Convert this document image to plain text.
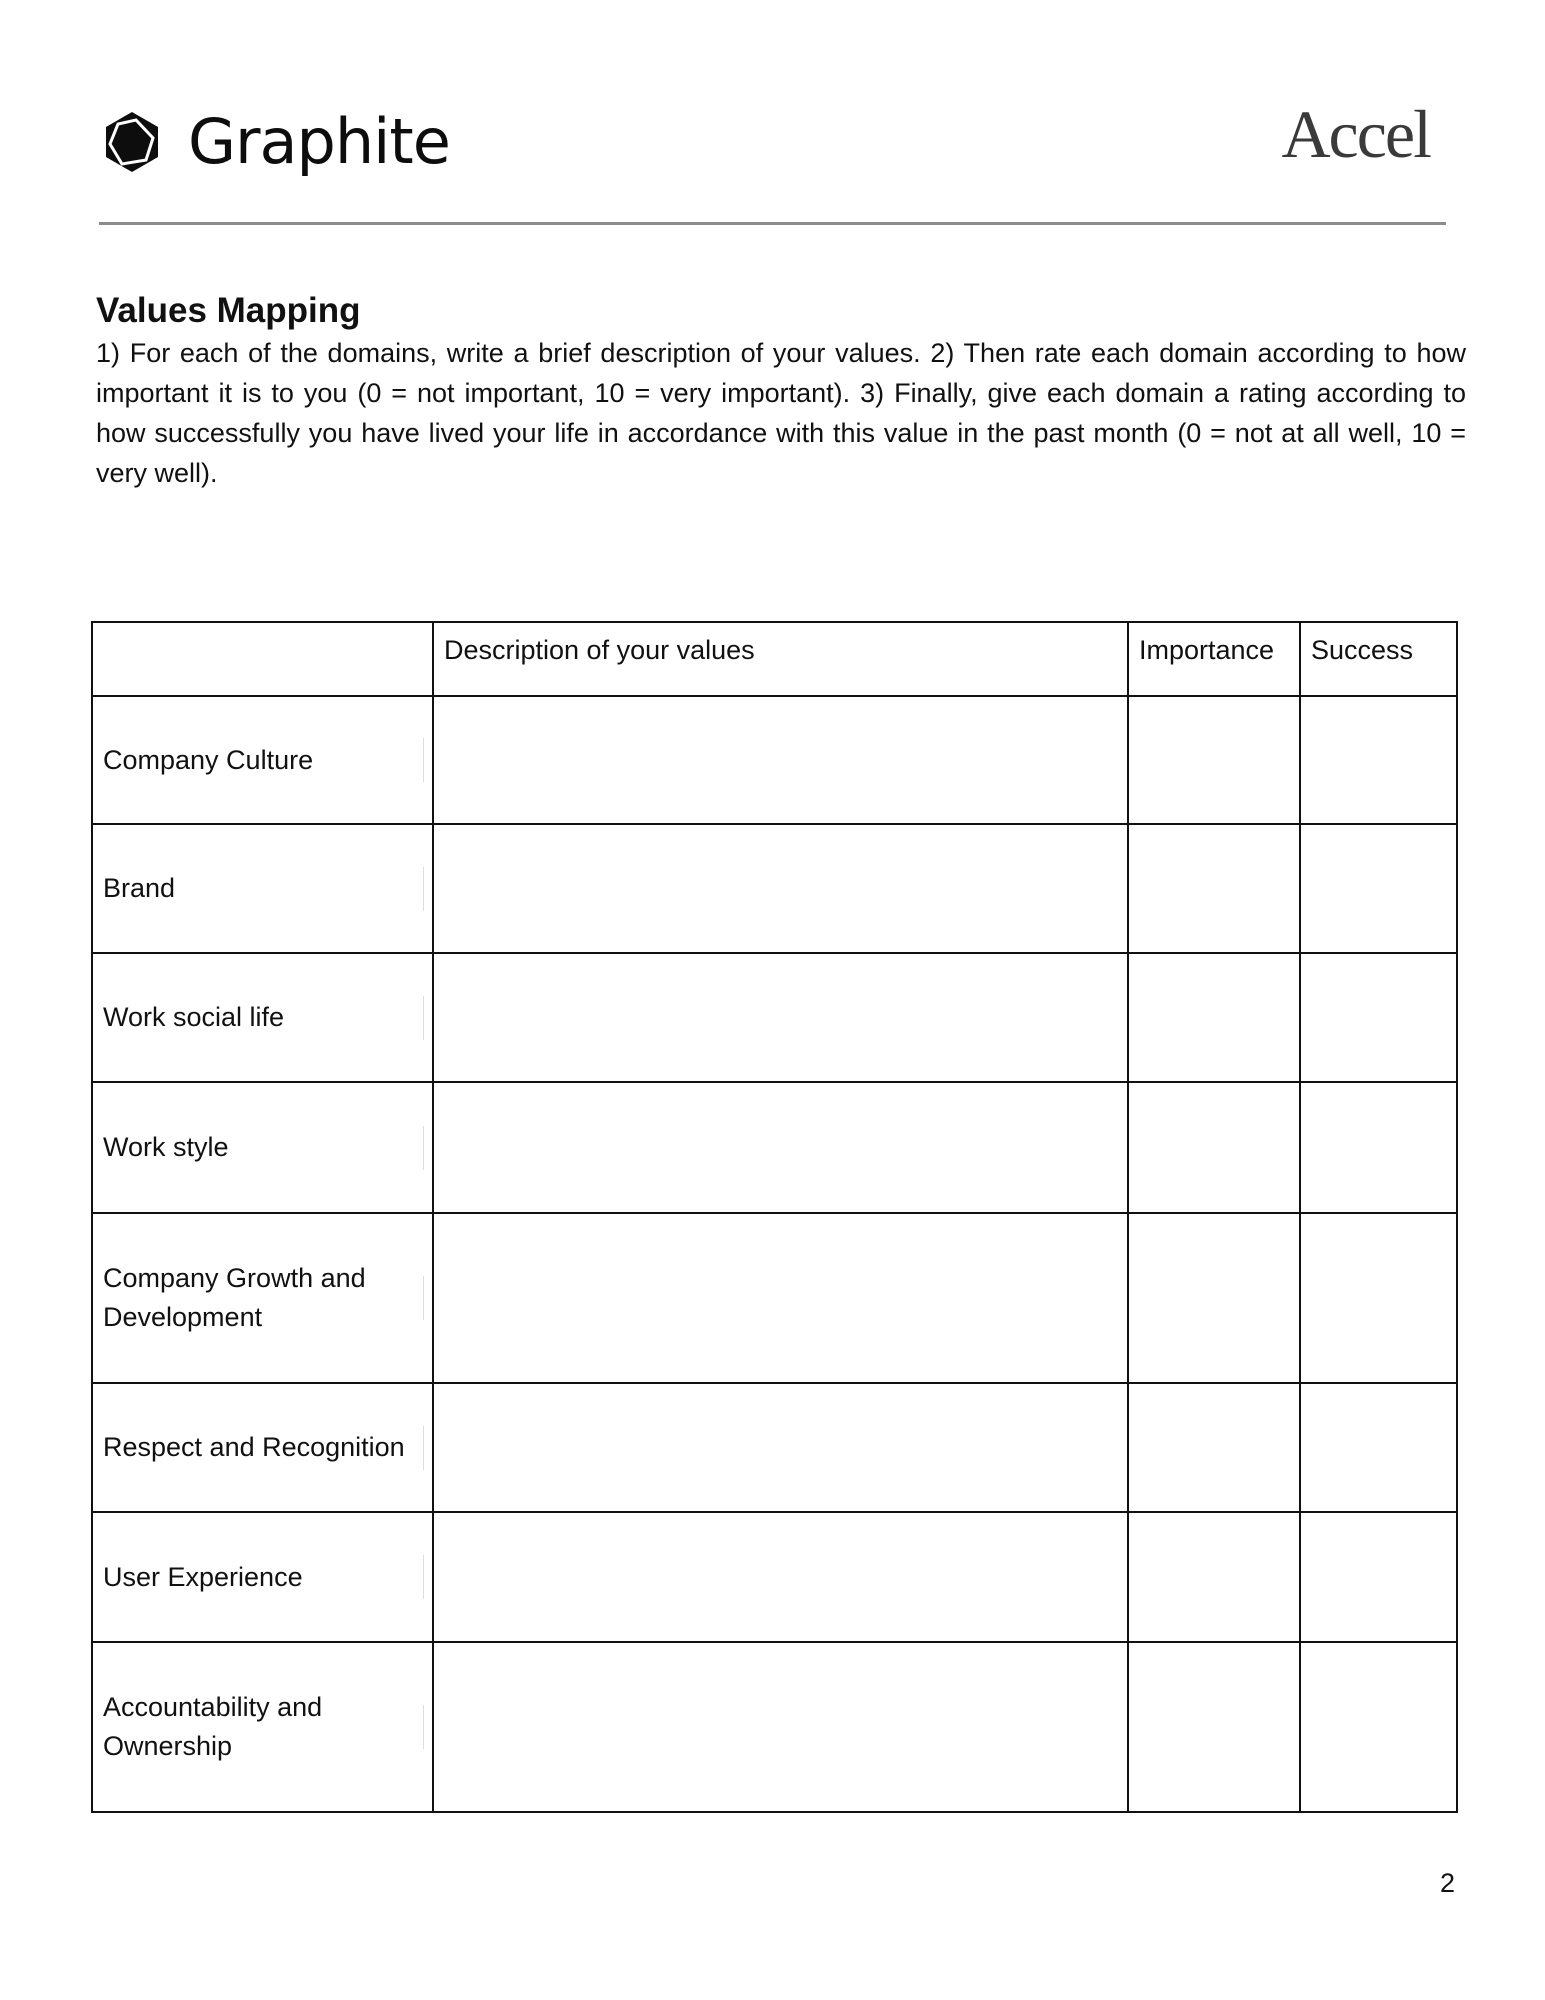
Graphite	Accel
Values Mapping
1) For each of the domains, write a brief description of your values. 2) Then rate each domain according to how important it is to you (0 = not important, 10 = very important). 3) Finally, give each domain a rating according to how successfully you have lived your life in accordance with this value in the past month (0 = not at all well, 10 = very well).
	Description of your values	Importance	Success

Company Culture			

Brand			

Work social life			

Work style			

Company Growth and Development			

Respect and Recognition			

User Experience			

Accountability and Ownership			

2
